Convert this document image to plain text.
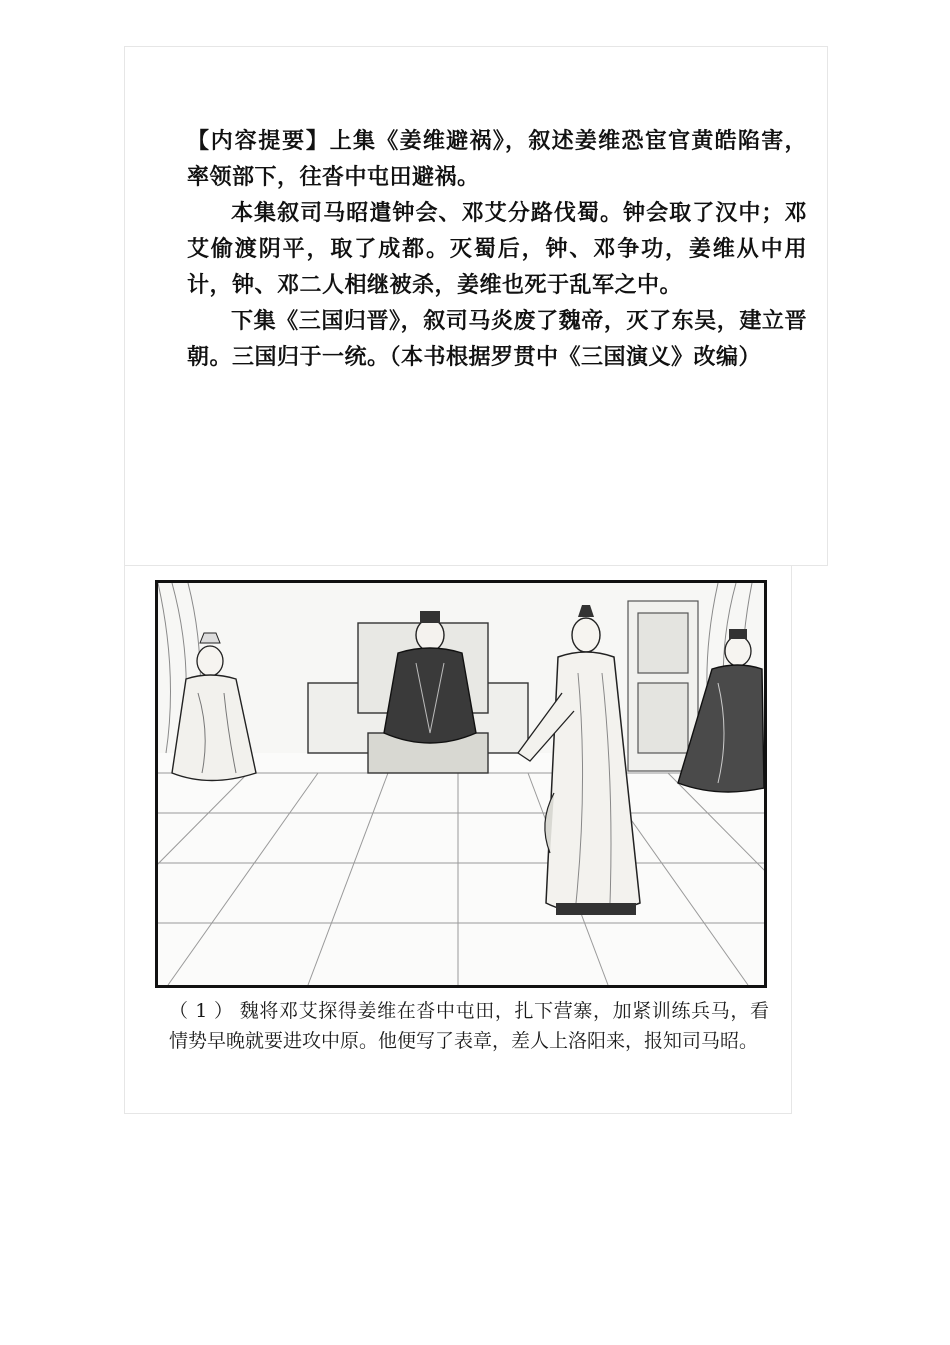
【内容提要】上集《姜维避祸》，叙述姜维恐宦官黄皓陷害，率领部下，往沓中屯田避祸。

本集叙司马昭遣钟会、邓艾分路伐蜀。钟会取了汉中；邓艾偷渡阴平，取了成都。灭蜀后，钟、邓争功，姜维从中用计，钟、邓二人相继被杀，姜维也死于乱军之中。

下集《三国归晋》，叙司马炎废了魏帝，灭了东吴，建立晋朝。三国归于一统。（本书根据罗贯中《三国演义》改编）

（ 1 ） 魏将邓艾探得姜维在沓中屯田，扎下营寨，加紧训练兵马，看情势早晚就要进攻中原。他便写了表章，差人上洛阳来，报知司马昭。
